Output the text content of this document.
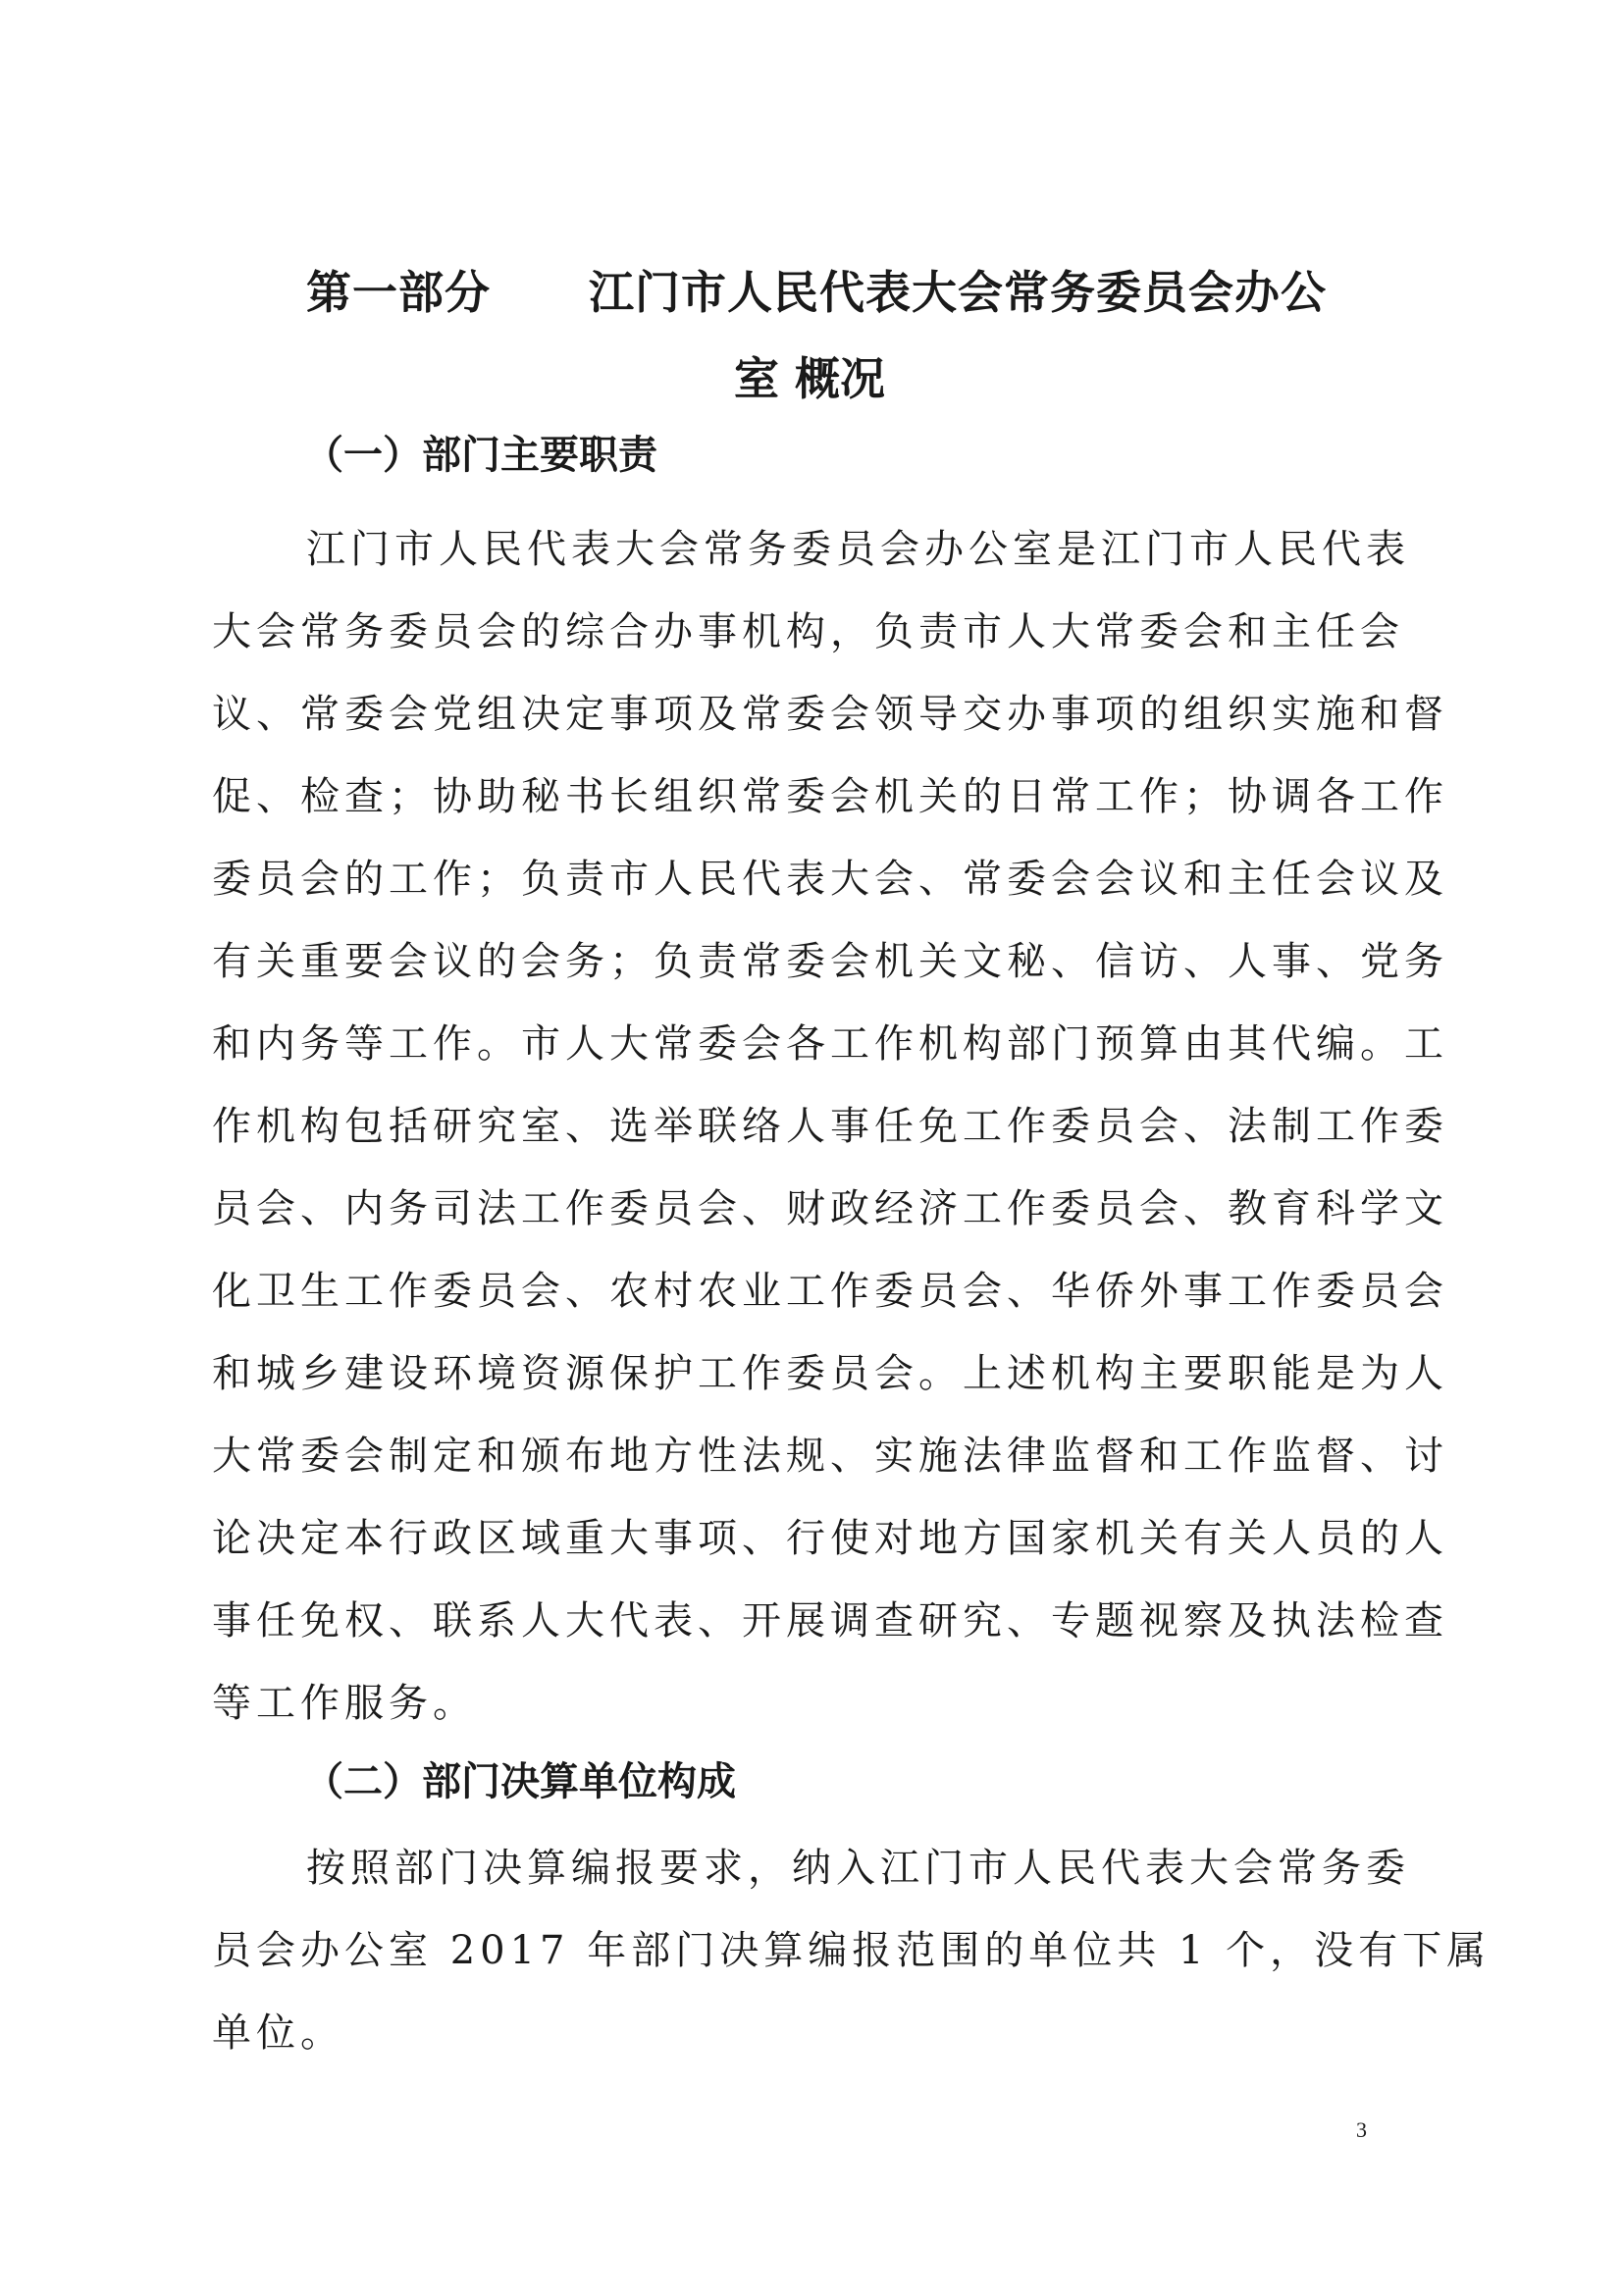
第一部分 江门市人民代表大会常务委员会办公
室 概况
（一）部门主要职责
江门市人民代表大会常务委员会办公室是江门市人民代表
大会常务委员会的综合办事机构，负责市人大常委会和主任会
议、常委会党组决定事项及常委会领导交办事项的组织实施和督
促、检查；协助秘书长组织常委会机关的日常工作；协调各工作
委员会的工作；负责市人民代表大会、常委会会议和主任会议及
有关重要会议的会务；负责常委会机关文秘、信访、人事、党务
和内务等工作。市人大常委会各工作机构部门预算由其代编。工
作机构包括研究室、选举联络人事任免工作委员会、法制工作委
员会、内务司法工作委员会、财政经济工作委员会、教育科学文
化卫生工作委员会、农村农业工作委员会、华侨外事工作委员会
和城乡建设环境资源保护工作委员会。上述机构主要职能是为人
大常委会制定和颁布地方性法规、实施法律监督和工作监督、讨
论决定本行政区域重大事项、行使对地方国家机关有关人员的人
事任免权、联系人大代表、开展调查研究、专题视察及执法检查
等工作服务。
（二）部门决算单位构成
按照部门决算编报要求，纳入江门市人民代表大会常务委
员会办公室 2017 年部门决算编报范围的单位共 1 个，没有下属
单位。
3
